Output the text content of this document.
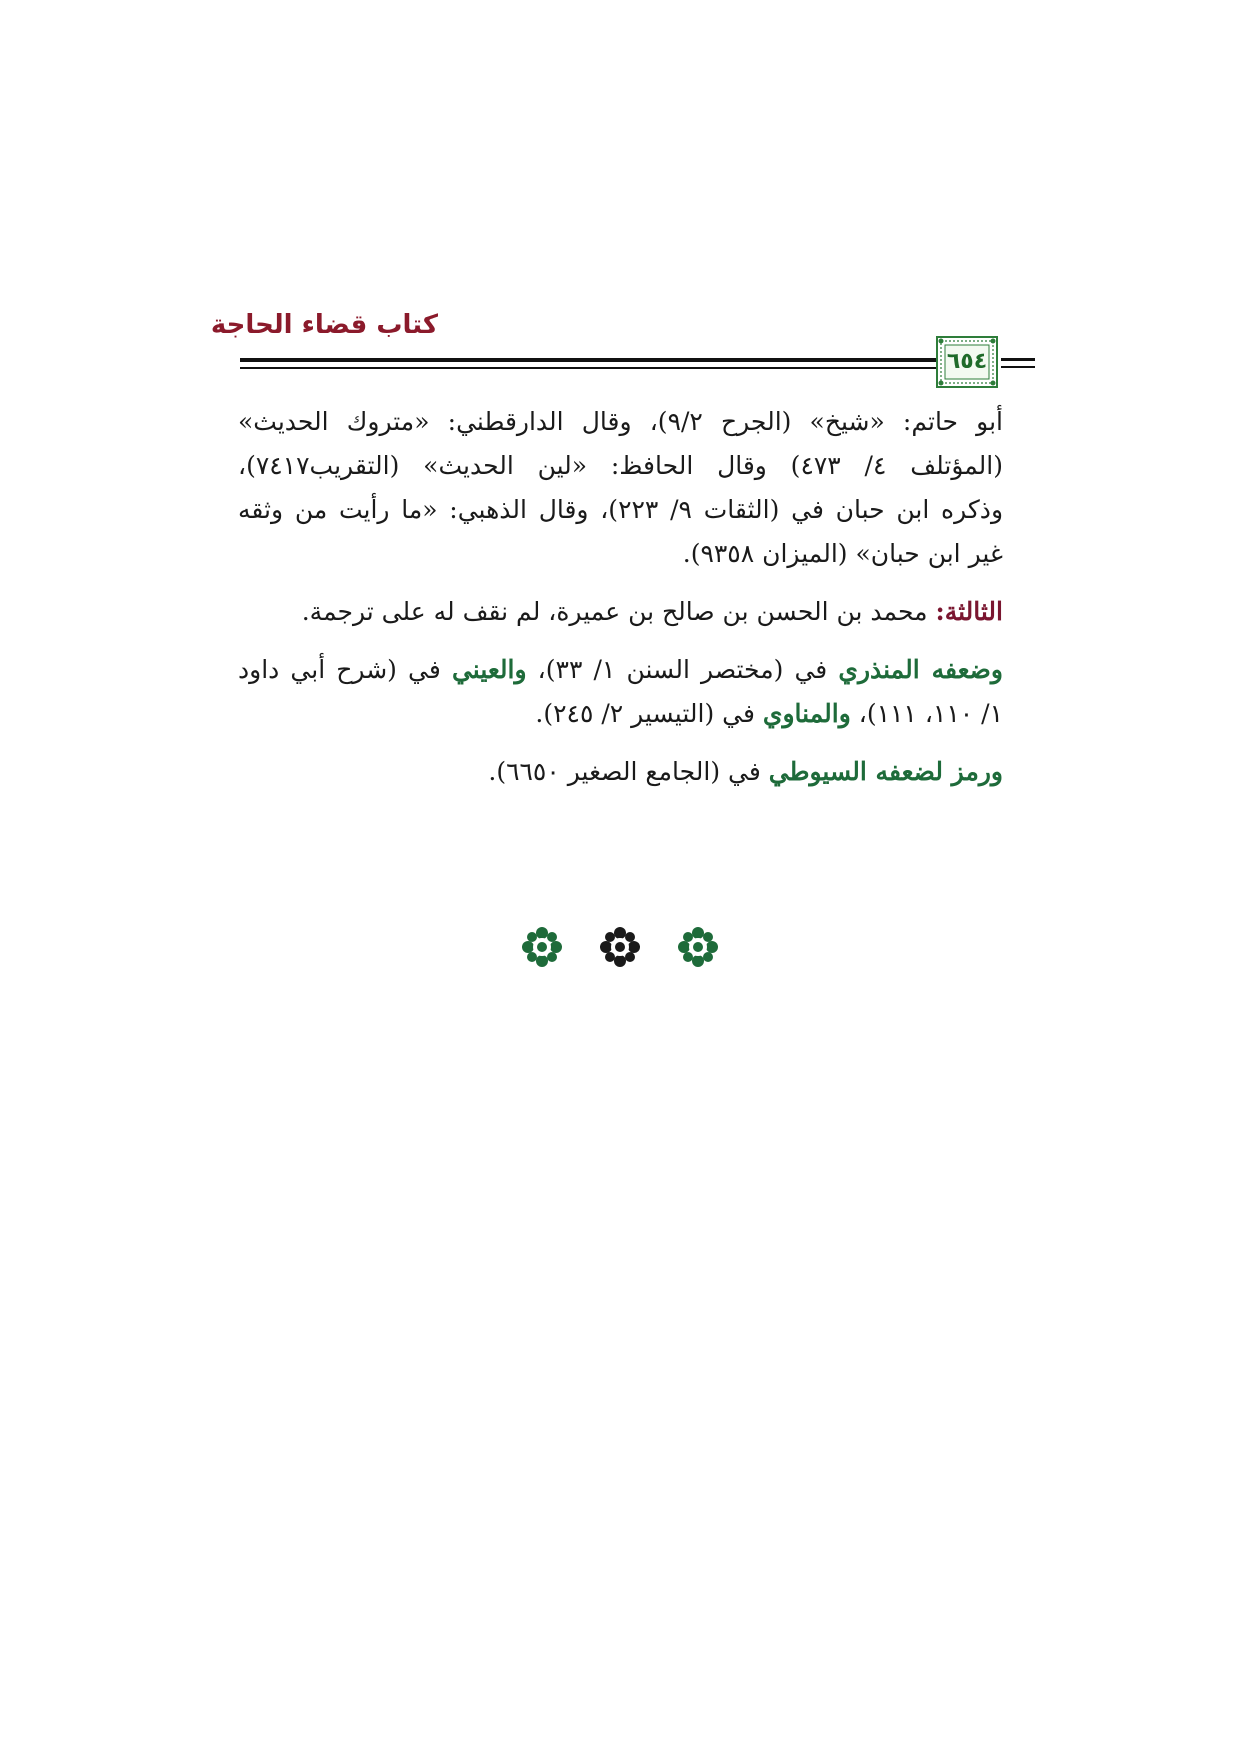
كتاب قضاء الحاجة
٦٥٤
أبو حاتم: «شيخ» (الجرح ٩/٢)، وقال الدارقطني: «متروك الحديث»
(المؤتلف ٤/ ٤٧٣) وقال الحافظ: «لين الحديث» (التقريب٧٤١٧)،
وذكره ابن حبان في (الثقات ٩/ ٢٢٣)، وقال الذهبي: «ما رأيت من وثقه
غير ابن حبان» (الميزان ٩٣٥٨).
الثالثة: محمد بن الحسن بن صالح بن عميرة، لم نقف له على ترجمة.
وضعفه المنذري في (مختصر السنن ١/ ٣٣)، والعيني في (شرح أبي داود
١/ ١١٠، ١١١)، والمناوي في (التيسير ٢/ ٢٤٥).
ورمز لضعفه السيوطي في (الجامع الصغير ٦٦٥٠).
